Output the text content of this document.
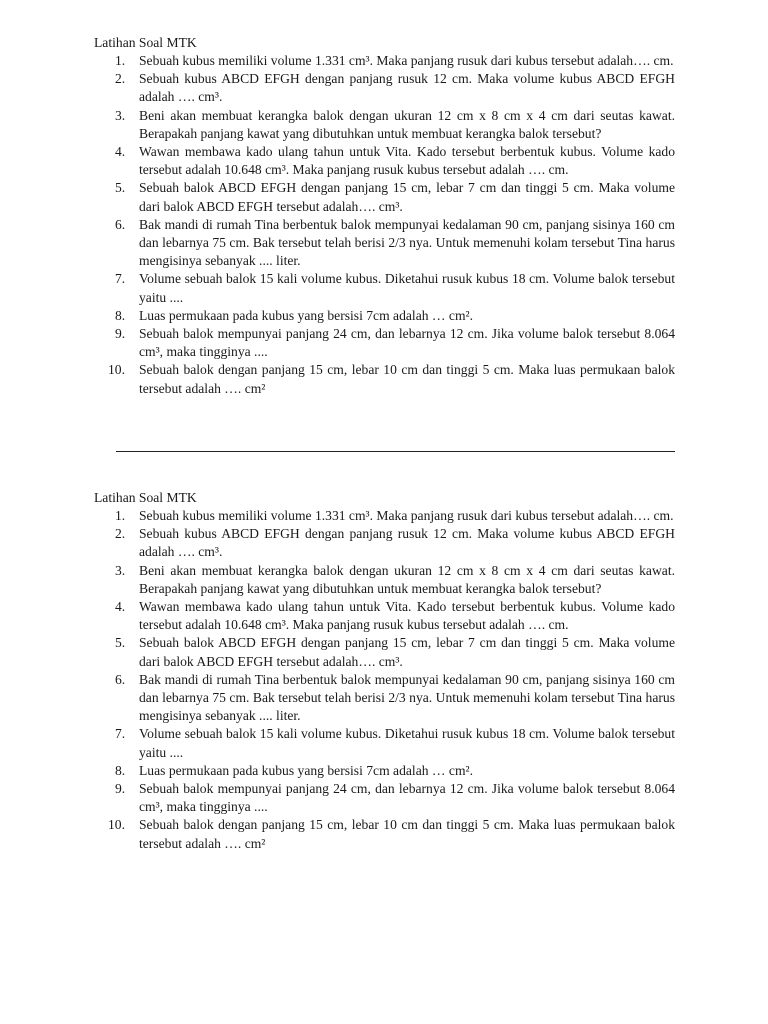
Latihan Soal MTK
1. Sebuah kubus memiliki volume 1.331 cm³. Maka panjang rusuk dari kubus tersebut adalah…. cm.
2. Sebuah kubus ABCD EFGH dengan panjang rusuk 12 cm. Maka volume kubus ABCD EFGH adalah …. cm³.
3. Beni akan membuat kerangka balok dengan ukuran 12 cm x 8 cm x 4 cm dari seutas kawat. Berapakah panjang kawat yang dibutuhkan untuk membuat kerangka balok tersebut?
4. Wawan membawa kado ulang tahun untuk Vita. Kado tersebut berbentuk kubus. Volume kado tersebut adalah 10.648 cm³. Maka panjang rusuk kubus tersebut adalah …. cm.
5. Sebuah balok ABCD EFGH dengan panjang 15 cm, lebar 7 cm dan tinggi 5 cm. Maka volume dari balok ABCD EFGH tersebut adalah…. cm³.
6. Bak mandi di rumah Tina berbentuk balok mempunyai kedalaman 90 cm, panjang sisinya 160 cm dan lebarnya 75 cm. Bak tersebut telah berisi 2/3 nya. Untuk memenuhi kolam tersebut Tina harus mengisinya sebanyak .... liter.
7. Volume sebuah balok 15 kali volume kubus. Diketahui rusuk kubus 18 cm. Volume balok tersebut yaitu ....
8. Luas permukaan pada kubus yang bersisi 7cm adalah … cm².
9. Sebuah balok mempunyai panjang 24 cm, dan lebarnya 12 cm. Jika volume balok tersebut 8.064 cm³, maka tingginya ....
10. Sebuah balok dengan panjang 15 cm, lebar 10 cm dan tinggi 5 cm. Maka luas permukaan balok tersebut adalah …. cm²
Latihan Soal MTK
1. Sebuah kubus memiliki volume 1.331 cm³. Maka panjang rusuk dari kubus tersebut adalah…. cm.
2. Sebuah kubus ABCD EFGH dengan panjang rusuk 12 cm. Maka volume kubus ABCD EFGH adalah …. cm³.
3. Beni akan membuat kerangka balok dengan ukuran 12 cm x 8 cm x 4 cm dari seutas kawat. Berapakah panjang kawat yang dibutuhkan untuk membuat kerangka balok tersebut?
4. Wawan membawa kado ulang tahun untuk Vita. Kado tersebut berbentuk kubus. Volume kado tersebut adalah 10.648 cm³. Maka panjang rusuk kubus tersebut adalah …. cm.
5. Sebuah balok ABCD EFGH dengan panjang 15 cm, lebar 7 cm dan tinggi 5 cm. Maka volume dari balok ABCD EFGH tersebut adalah…. cm³.
6. Bak mandi di rumah Tina berbentuk balok mempunyai kedalaman 90 cm, panjang sisinya 160 cm dan lebarnya 75 cm. Bak tersebut telah berisi 2/3 nya. Untuk memenuhi kolam tersebut Tina harus mengisinya sebanyak .... liter.
7. Volume sebuah balok 15 kali volume kubus. Diketahui rusuk kubus 18 cm. Volume balok tersebut yaitu ....
8. Luas permukaan pada kubus yang bersisi 7cm adalah … cm².
9. Sebuah balok mempunyai panjang 24 cm, dan lebarnya 12 cm. Jika volume balok tersebut 8.064 cm³, maka tingginya ....
10. Sebuah balok dengan panjang 15 cm, lebar 10 cm dan tinggi 5 cm. Maka luas permukaan balok tersebut adalah …. cm²
